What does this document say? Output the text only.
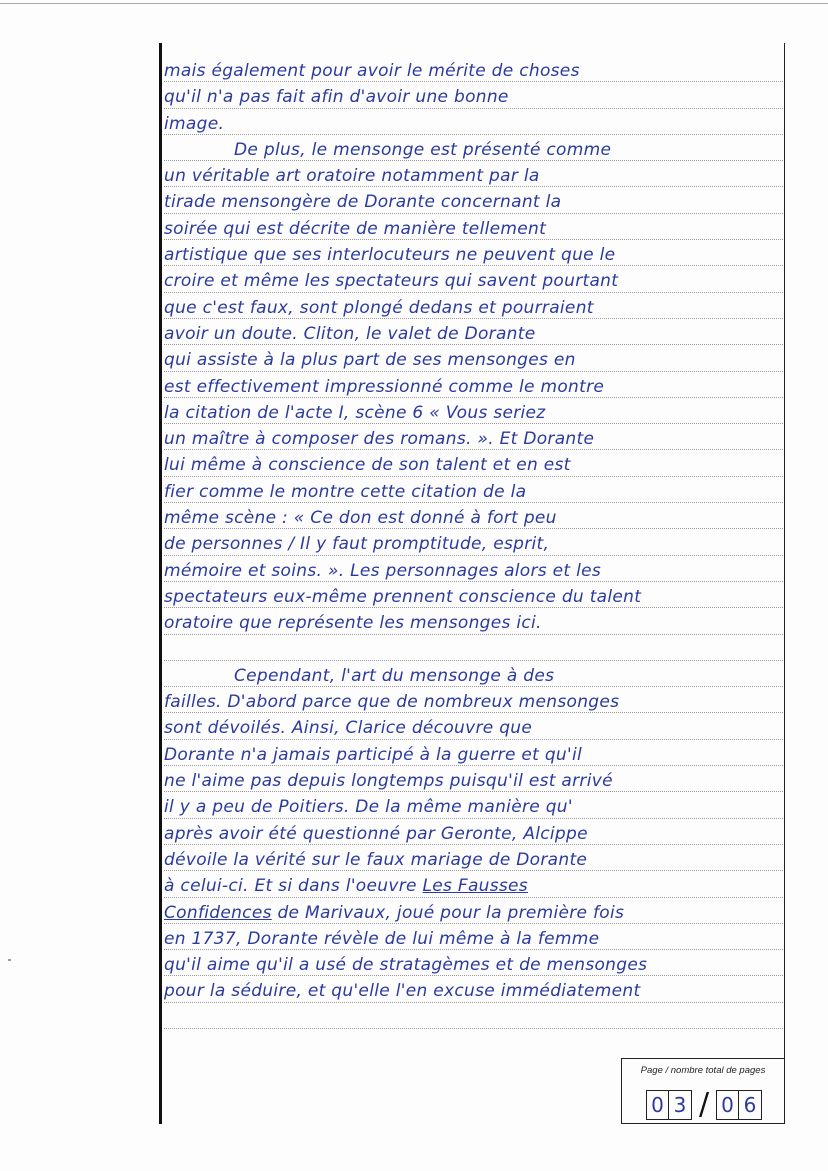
mais également pour avoir le mérite de choses
qu'il n'a pas fait afin d'avoir une bonne
image.
De plus, le mensonge est présenté comme
un véritable art oratoire notamment par la
tirade mensongère de Dorante concernant la
soirée qui est décrite de manière tellement
artistique que ses interlocuteurs ne peuvent que le
croire et même les spectateurs qui savent pourtant
que c'est faux, sont plongé dedans et pourraient
avoir un doute. Cliton, le valet de Dorante
qui assiste à la plus part de ses mensonges en
est effectivement impressionné comme le montre
la citation de l'acte I, scène 6 « Vous seriez
un maître à composer des romans. ». Et Dorante
lui même à conscience de son talent et en est
fier comme le montre cette citation de la
même scène : « Ce don est donné à fort peu
de personnes / Il y faut promptitude, esprit,
mémoire et soins. ». Les personnages alors et les
spectateurs eux-même prennent conscience du talent
oratoire que représente les mensonges ici.
Cependant, l'art du mensonge à des
failles. D'abord parce que de nombreux mensonges
sont dévoilés. Ainsi, Clarice découvre que
Dorante n'a jamais participé à la guerre et qu'il
ne l'aime pas depuis longtemps puisqu'il est arrivé
il y a peu de Poitiers. De la même manière qu'
après avoir été questionné par Geronte, Alcippe
dévoile la vérité sur le faux mariage de Dorante
à celui-ci. Et si dans l'oeuvre Les Fausses
Confidences de Marivaux, joué pour la première fois
en 1737, Dorante révèle de lui même à la femme
qu'il aime qu'il a usé de stratagèmes et de mensonges
pour la séduire, et qu'elle l'en excuse immédiatement
Page / nombre total de pages
0 3 / 0 6
